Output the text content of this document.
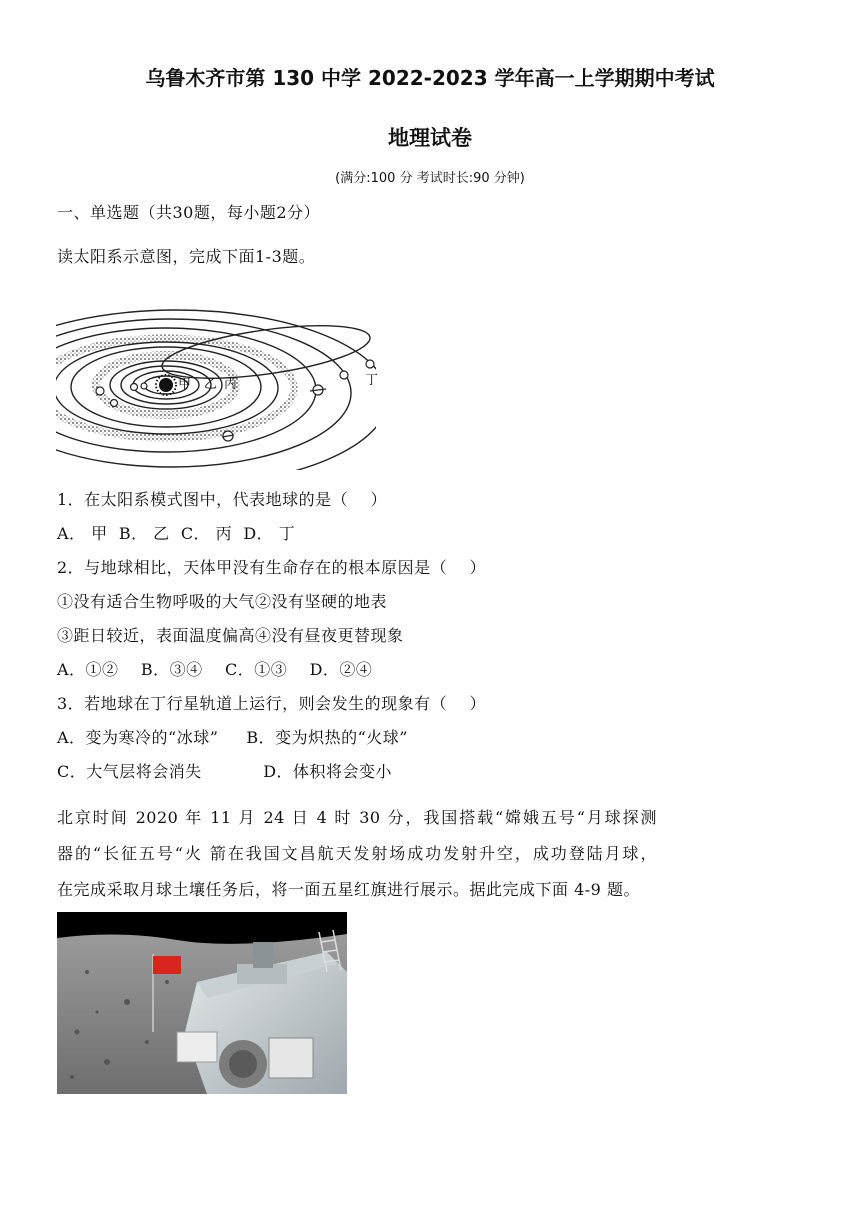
乌鲁木齐市第 130 中学 2022-2023 学年高一上学期期中考试
地理试卷
(满分:100 分 考试时长:90 分钟)
一、单选题（共30题，每小题2分）
读太阳系示意图，完成下面1-3题。
甲 乙 丙	丁
1．在太阳系模式图中，代表地球的是（    ）
A． 甲  B． 乙  C． 丙  D． 丁
2．与地球相比，天体甲没有生命存在的根本原因是（    ）
①没有适合生物呼吸的大气②没有坚硬的地表
③距日较近，表面温度偏高④没有昼夜更替现象
A．①②    B．③④    C．①③    D．②④
3．若地球在丁行星轨道上运行，则会发生的现象有（    ）
A．变为寒冷的“冰球”     B．变为炽热的“火球”
C．大气层将会消失           D．体积将会变小
北京时间 2020 年 11 月 24 日 4 时 30 分，我国搭载“嫦娥五号“月球探测
器的“长征五号“火 箭在我国文昌航天发射场成功发射升空，成功登陆月球，
在完成采取月球土壤任务后，将一面五星红旗进行展示。据此完成下面 4-9 题。
